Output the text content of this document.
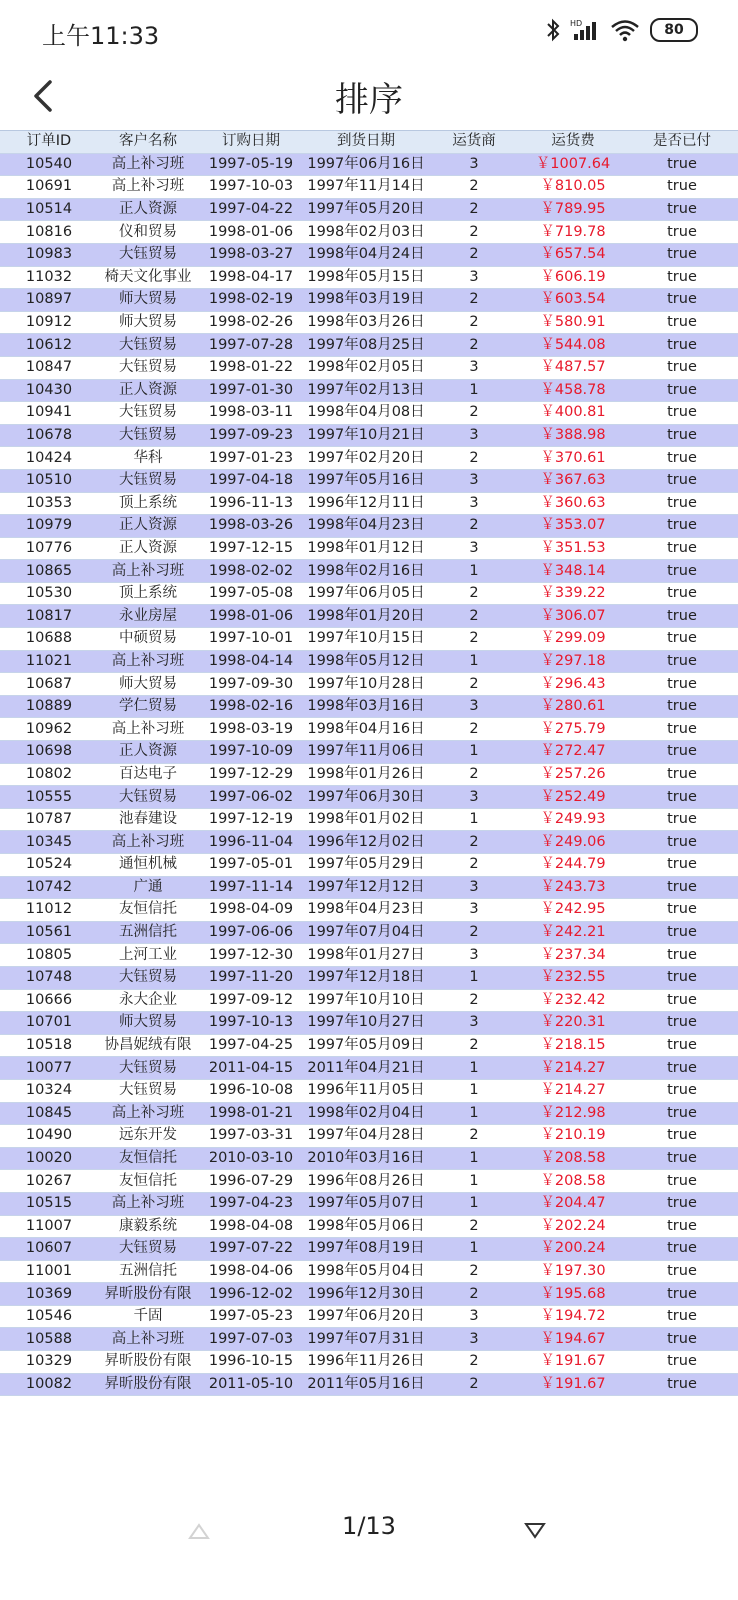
上午11:33	HD	80
排序
订单ID	客户名称	订购日期	到货日期	运货商	运货费	是否已付
10540	高上补习班	1997-05-19	1997年06月16日	3	￥1007.64	true
10691	高上补习班	1997-10-03	1997年11月14日	2	￥810.05	true
10514	正人资源	1997-04-22	1997年05月20日	2	￥789.95	true
10816	仪和贸易	1998-01-06	1998年02月03日	2	￥719.78	true
10983	大钰贸易	1998-03-27	1998年04月24日	2	￥657.54	true
11032	椅天文化事业	1998-04-17	1998年05月15日	3	￥606.19	true
10897	师大贸易	1998-02-19	1998年03月19日	2	￥603.54	true
10912	师大贸易	1998-02-26	1998年03月26日	2	￥580.91	true
10612	大钰贸易	1997-07-28	1997年08月25日	2	￥544.08	true
10847	大钰贸易	1998-01-22	1998年02月05日	3	￥487.57	true
10430	正人资源	1997-01-30	1997年02月13日	1	￥458.78	true
10941	大钰贸易	1998-03-11	1998年04月08日	2	￥400.81	true
10678	大钰贸易	1997-09-23	1997年10月21日	3	￥388.98	true
10424	华科	1997-01-23	1997年02月20日	2	￥370.61	true
10510	大钰贸易	1997-04-18	1997年05月16日	3	￥367.63	true
10353	顶上系统	1996-11-13	1996年12月11日	3	￥360.63	true
10979	正人资源	1998-03-26	1998年04月23日	2	￥353.07	true
10776	正人资源	1997-12-15	1998年01月12日	3	￥351.53	true
10865	高上补习班	1998-02-02	1998年02月16日	1	￥348.14	true
10530	顶上系统	1997-05-08	1997年06月05日	2	￥339.22	true
10817	永业房屋	1998-01-06	1998年01月20日	2	￥306.07	true
10688	中硕贸易	1997-10-01	1997年10月15日	2	￥299.09	true
11021	高上补习班	1998-04-14	1998年05月12日	1	￥297.18	true
10687	师大贸易	1997-09-30	1997年10月28日	2	￥296.43	true
10889	学仁贸易	1998-02-16	1998年03月16日	3	￥280.61	true
10962	高上补习班	1998-03-19	1998年04月16日	2	￥275.79	true
10698	正人资源	1997-10-09	1997年11月06日	1	￥272.47	true
10802	百达电子	1997-12-29	1998年01月26日	2	￥257.26	true
10555	大钰贸易	1997-06-02	1997年06月30日	3	￥252.49	true
10787	池春建设	1997-12-19	1998年01月02日	1	￥249.93	true
10345	高上补习班	1996-11-04	1996年12月02日	2	￥249.06	true
10524	通恒机械	1997-05-01	1997年05月29日	2	￥244.79	true
10742	广通	1997-11-14	1997年12月12日	3	￥243.73	true
11012	友恒信托	1998-04-09	1998年04月23日	3	￥242.95	true
10561	五洲信托	1997-06-06	1997年07月04日	2	￥242.21	true
10805	上河工业	1997-12-30	1998年01月27日	3	￥237.34	true
10748	大钰贸易	1997-11-20	1997年12月18日	1	￥232.55	true
10666	永大企业	1997-09-12	1997年10月10日	2	￥232.42	true
10701	师大贸易	1997-10-13	1997年10月27日	3	￥220.31	true
10518	协昌妮绒有限	1997-04-25	1997年05月09日	2	￥218.15	true
10077	大钰贸易	2011-04-15	2011年04月21日	1	￥214.27	true
10324	大钰贸易	1996-10-08	1996年11月05日	1	￥214.27	true
10845	高上补习班	1998-01-21	1998年02月04日	1	￥212.98	true
10490	远东开发	1997-03-31	1997年04月28日	2	￥210.19	true
10020	友恒信托	2010-03-10	2010年03月16日	1	￥208.58	true
10267	友恒信托	1996-07-29	1996年08月26日	1	￥208.58	true
10515	高上补习班	1997-04-23	1997年05月07日	1	￥204.47	true
11007	康毅系统	1998-04-08	1998年05月06日	2	￥202.24	true
10607	大钰贸易	1997-07-22	1997年08月19日	1	￥200.24	true
11001	五洲信托	1998-04-06	1998年05月04日	2	￥197.30	true
10369	昇昕股份有限	1996-12-02	1996年12月30日	2	￥195.68	true
10546	千固	1997-05-23	1997年06月20日	3	￥194.72	true
10588	高上补习班	1997-07-03	1997年07月31日	3	￥194.67	true
10329	昇昕股份有限	1996-10-15	1996年11月26日	2	￥191.67	true
10082	昇昕股份有限	2011-05-10	2011年05月16日	2	￥191.67	true
1/13
